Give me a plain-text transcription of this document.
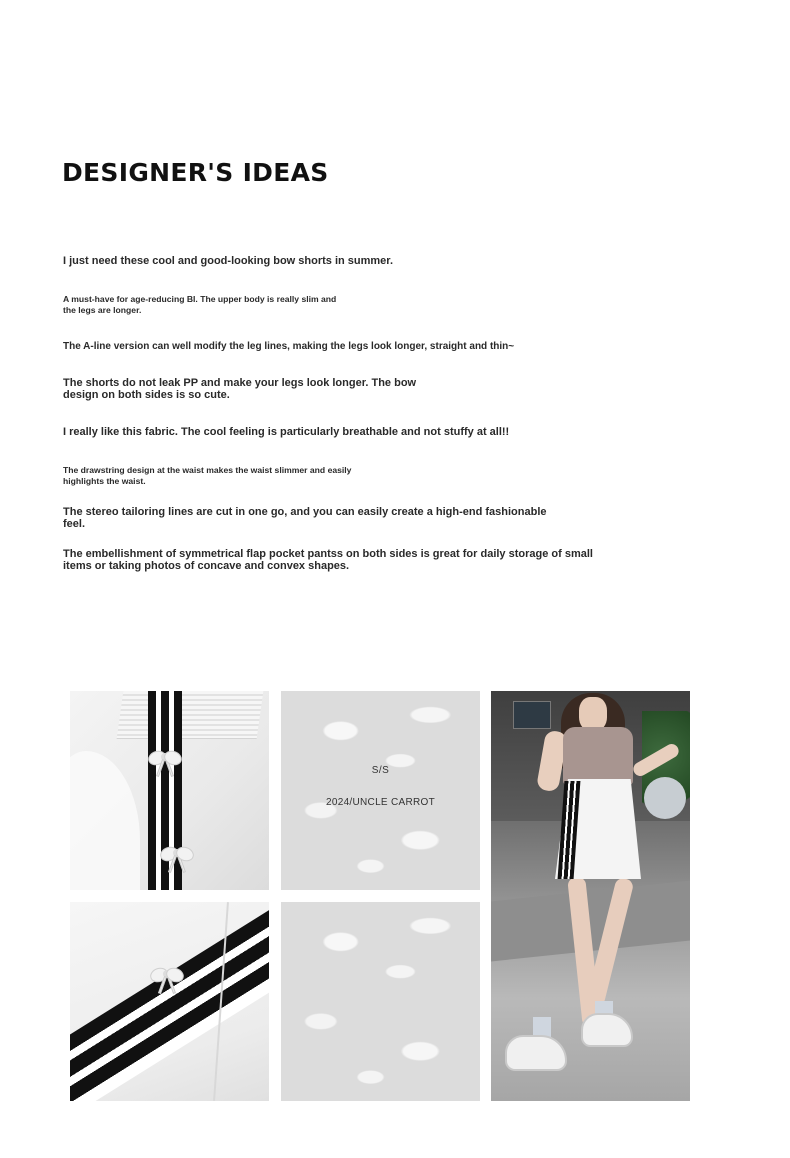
DESIGNER'S IDEAS
I just need these cool and good-looking bow shorts in summer.
A must-have for age-reducing BI. The upper body is really slim and
the legs are longer.
The A-line version can well modify the leg lines, making the legs look longer, straight and thin~
The shorts do not leak PP and make your legs look longer. The bow
design on both sides is so cute.
I really like this fabric. The cool feeling is particularly breathable and not stuffy at all!!
The drawstring design at the waist makes the waist slimmer and easily
highlights the waist.
The stereo tailoring lines are cut in one go, and you can easily create a high-end fashionable
feel.
The embellishment of symmetrical flap pocket pantss on both sides is great for daily storage of small
items or taking photos of concave and convex shapes.
S/S
2024/UNCLE CARROT
